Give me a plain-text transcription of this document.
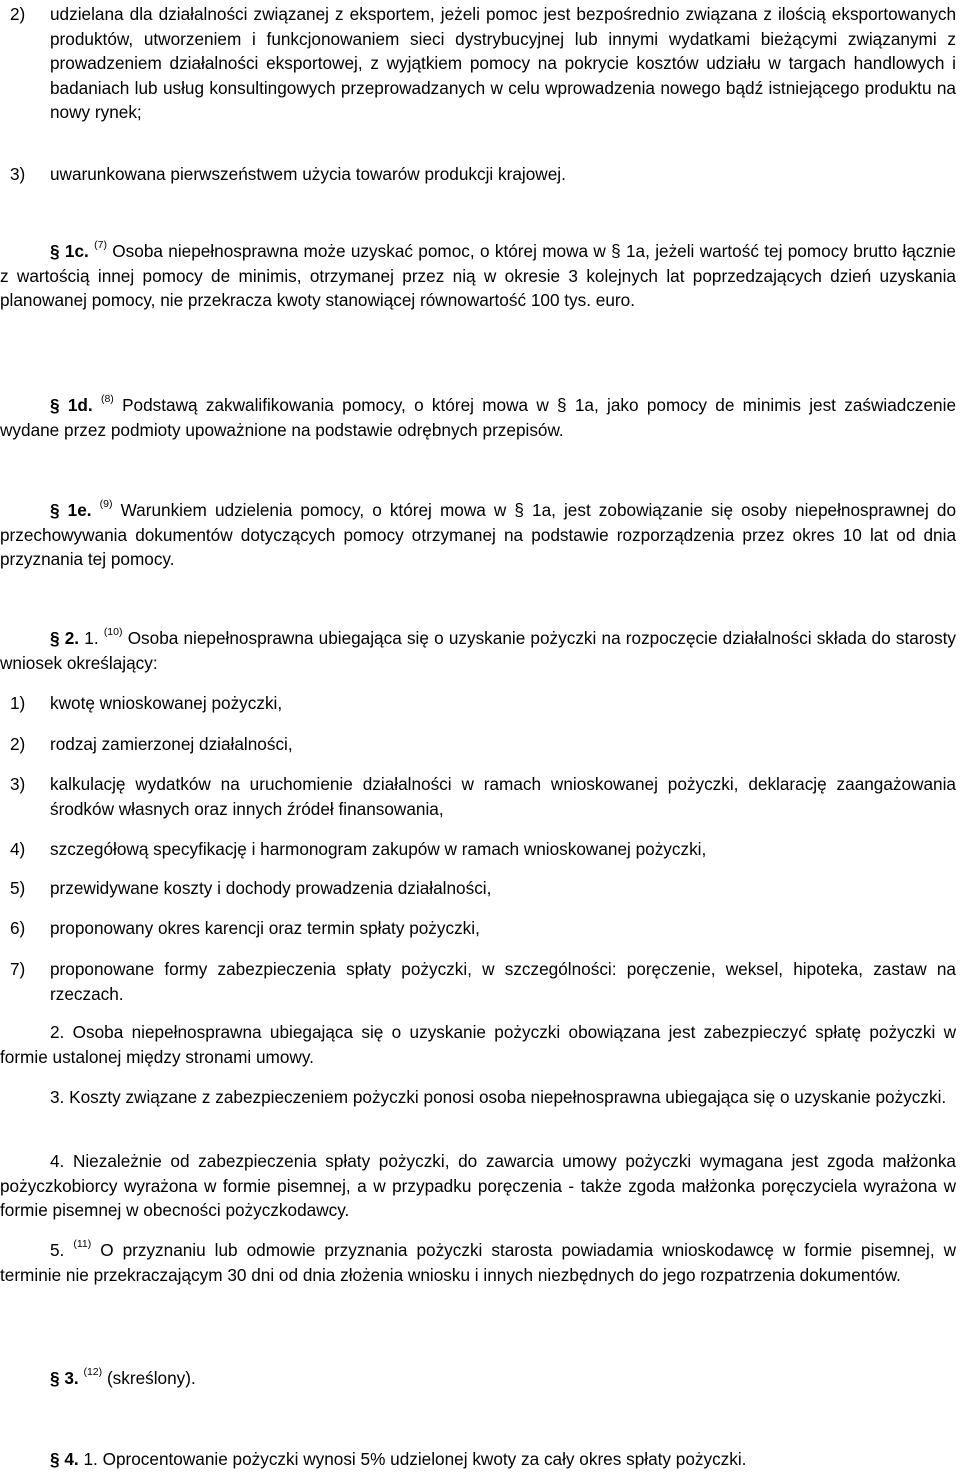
2) udzielana dla działalności związanej z eksportem, jeżeli pomoc jest bezpośrednio związana z ilością eksportowanych produktów, utworzeniem i funkcjonowaniem sieci dystrybucyjnej lub innymi wydatkami bieżącymi związanymi z prowadzeniem działalności eksportowej, z wyjątkiem pomocy na pokrycie kosztów udziału w targach handlowych i badaniach lub usług konsultingowych przeprowadzanych w celu wprowadzenia nowego bądź istniejącego produktu na nowy rynek;

3) uwarunkowana pierwszeństwem użycia towarów produkcji krajowej.

§ 1c. $^{(7)}$ Osoba niepełnosprawna może uzyskać pomoc, o której mowa w § 1a, jeżeli wartość tej pomocy brutto łącznie z wartością innej pomocy de minimis, otrzymanej przez nią w okresie 3 kolejnych lat poprzedzających dzień uzyskania planowanej pomocy, nie przekracza kwoty stanowiącej równowartość 100 tys. euro.

§ 1d. $^{(8)}$ Podstawą zakwalifikowania pomocy, o której mowa w § 1a, jako pomocy de minimis jest zaświadczenie wydane przez podmioty upoważnione na podstawie odrębnych przepisów.

§ 1e. $^{(9)}$ Warunkiem udzielenia pomocy, o której mowa w § 1a, jest zobowiązanie się osoby niepełnosprawnej do przechowywania dokumentów dotyczących pomocy otrzymanej na podstawie rozporządzenia przez okres 10 lat od dnia przyznania tej pomocy.

§ 2. 1. $^{(10)}$ Osoba niepełnosprawna ubiegająca się o uzyskanie pożyczki na rozpoczęcie działalności składa do starosty wniosek określający:

1) kwotę wnioskowanej pożyczki,

2) rodzaj zamierzonej działalności,

3) kalkulację wydatków na uruchomienie działalności w ramach wnioskowanej pożyczki, deklarację zaangażowania środków własnych oraz innych źródeł finansowania,

4) szczegółową specyfikację i harmonogram zakupów w ramach wnioskowanej pożyczki,

5) przewidywane koszty i dochody prowadzenia działalności,

6) proponowany okres karencji oraz termin spłaty pożyczki,

7) proponowane formy zabezpieczenia spłaty pożyczki, w szczególności: poręczenie, weksel, hipoteka, zastaw na rzeczach.

2. Osoba niepełnosprawna ubiegająca się o uzyskanie pożyczki obowiązana jest zabezpieczyć spłatę pożyczki w formie ustalonej między stronami umowy.

3. Koszty związane z zabezpieczeniem pożyczki ponosi osoba niepełnosprawna ubiegająca się o uzyskanie pożyczki.

4. Niezależnie od zabezpieczenia spłaty pożyczki, do zawarcia umowy pożyczki wymagana jest zgoda małżonka pożyczkobiorcy wyrażona w formie pisemnej, a w przypadku poręczenia - także zgoda małżonka poręczyciela wyrażona w formie pisemnej w obecności pożyczkodawcy.

5. $^{(11)}$ O przyznaniu lub odmowie przyznania pożyczki starosta powiadamia wnioskodawcę w formie pisemnej, w terminie nie przekraczającym 30 dni od dnia złożenia wniosku i innych niezbędnych do jego rozpatrzenia dokumentów.

§ 3. $^{(12)}$ (skreślony).

§ 4. 1. Oprocentowanie pożyczki wynosi 5% udzielonej kwoty za cały okres spłaty pożyczki.
